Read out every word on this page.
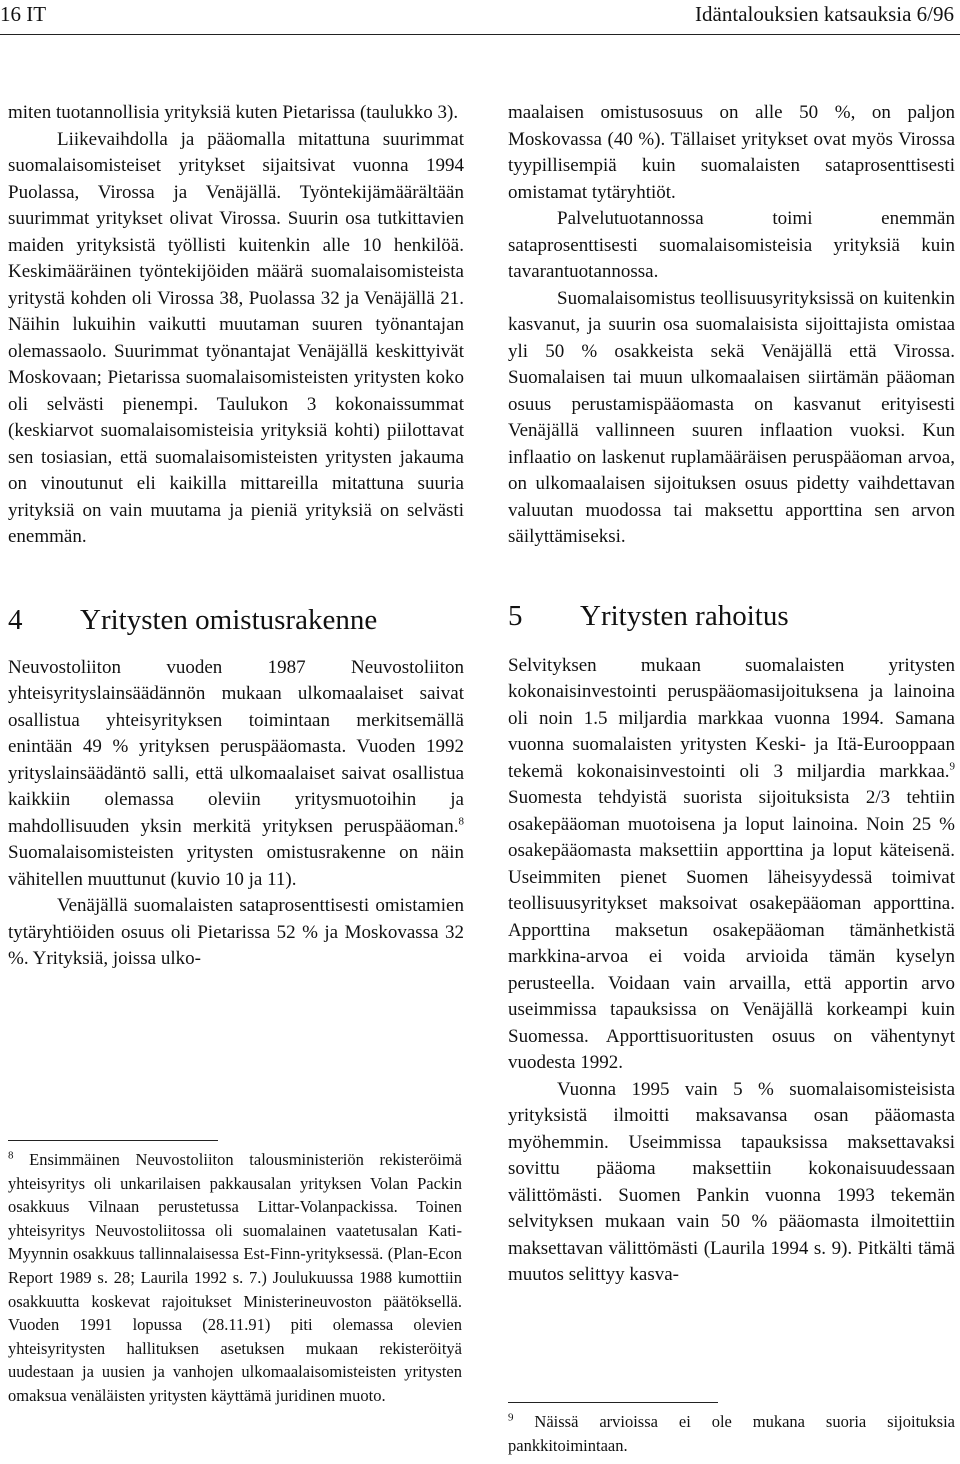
16 IT	Idäntalouksien katsauksia 6/96

miten tuotannollisia yrityksiä kuten Pietarissa (taulukko 3).

Liikevaihdolla ja pääomalla mitattuna suurimmat suomalaisomisteiset yritykset sijaitsivat vuonna 1994 Puolassa, Virossa ja Venäjällä. Työntekijämäärältään suurimmat yritykset olivat Virossa. Suurin osa tutkittavien maiden yrityksistä työllisti kuitenkin alle 10 henkilöä. Keskimääräinen työntekijöiden määrä suomalaisomisteista yritystä kohden oli Virossa 38, Puolassa 32 ja Venäjällä 21. Näihin lukuihin vaikutti muutaman suuren työnantajan olemassaolo. Suurimmat työnantajat Venäjällä keskittyivät Moskovaan; Pietarissa suomalaisomisteisten yritysten koko oli selvästi pienempi. Taulukon 3 kokonaissummat (keskiarvot suomalaisomisteisia yrityksiä kohti) piilottavat sen tosiasian, että suomalaisomisteisten yritysten jakauma on vinoutunut eli kaikilla mittareilla mitattuna suuria yrityksiä on vain muutama ja pieniä yrityksiä on selvästi enemmän.

4 Yritysten omistusrakenne

Neuvostoliiton vuoden 1987 Neuvostoliiton yhteisyrityslainsäädännön mukaan ulkomaalaiset saivat osallistua yhteisyrityksen toimintaan merkitsemällä enintään 49 % yrityksen peruspääomasta. Vuoden 1992 yrityslainsäädäntö salli, että ulkomaalaiset saivat osallistua kaikkiin olemassa oleviin yritysmuotoihin ja mahdollisuuden yksin merkitä yrityksen peruspääoman.$^8$ Suomalaisomisteisten yritysten omistusrakenne on näin vähitellen muuttunut (kuvio 10 ja 11).

Venäjällä suomalaisten sataprosenttisesti omistamien tytäryhtiöiden osuus oli Pietarissa 52 % ja Moskovassa 32 %. Yrityksiä, joissa ulko-

$^8$ Ensimmäinen Neuvostoliiton talousministeriön rekisteröimä yhteisyritys oli unkarilaisen pakkausalan yrityksen Volan Packin osakkuus Vilnaan perustetussa Littar-Volanpackissa. Toinen yhteisyritys Neuvostoliitossa oli suomalainen vaatetusalan Kati-Myynnin osakkuus tallinnalaisessa Est-Finn-yrityksessä. (Plan-Econ Report 1989 s. 28; Laurila 1992 s. 7.) Joulukuussa 1988 kumottiin osakkuutta koskevat rajoitukset Ministerineuvoston päätöksellä. Vuoden 1991 lopussa (28.11.91) piti olemassa olevien yhteisyritysten hallituksen asetuksen mukaan rekisteröityä uudestaan ja uusien ja vanhojen ulkomaalaisomisteisten yritysten omaksua venäläisten yritysten käyttämä juridinen muoto.

maalaisen omistusosuus on alle 50 %, on paljon Moskovassa (40 %). Tällaiset yritykset ovat myös Virossa tyypillisempiä kuin suomalaisten sataprosenttisesti omistamat tytäryhtiöt.

Palvelutuotannossa toimi enemmän sataprosenttisesti suomalaisomisteisia yrityksiä kuin tavarantuotannossa.

Suomalaisomistus teollisuusyrityksissä on kuitenkin kasvanut, ja suurin osa suomalaisista sijoittajista omistaa yli 50 % osakkeista sekä Venäjällä että Virossa. Suomalaisen tai muun ulkomaalaisen siirtämän pääoman osuus perustamispääomasta on kasvanut erityisesti Venäjällä vallinneen suuren inflaation vuoksi. Kun inflaatio on laskenut ruplamääräisen peruspääoman arvoa, on ulkomaalaisen sijoituksen osuus pidetty vaihdettavan valuutan muodossa tai maksettu apporttina sen arvon säilyttämiseksi.

5 Yritysten rahoitus

Selvityksen mukaan suomalaisten yritysten kokonaisinvestointi peruspääomasijoituksena ja lainoina oli noin 1.5 miljardia markkaa vuonna 1994. Samana vuonna suomalaisten yritysten Keski- ja Itä-Eurooppaan tekemä kokonaisinvestointi oli 3 miljardia markkaa.$^9$ Suomesta tehdyistä suorista sijoituksista 2/3 tehtiin osakepääoman muotoisena ja loput lainoina. Noin 25 % osakepääomasta maksettiin apporttina ja loput käteisenä. Useimmiten pienet Suomen läheisyydessä toimivat teollisuusyritykset maksoivat osakepääoman apporttina. Apporttina maksetun osakepääoman tämänhetkistä markkina-arvoa ei voida arvioida tämän kyselyn perusteella. Voidaan vain arvailla, että apportin arvo useimmissa tapauksissa on Venäjällä korkeampi kuin Suomessa. Apporttisuoritusten osuus on vähentynyt vuodesta 1992.

Vuonna 1995 vain 5 % suomalaisomisteisista yrityksistä ilmoitti maksavansa osan pääomasta myöhemmin. Useimmissa tapauksissa maksettavaksi sovittu pääoma maksettiin kokonaisuudessaan välittömästi. Suomen Pankin vuonna 1993 tekemän selvityksen mukaan vain 50 % pääomasta ilmoitettiin maksettavan välittömästi (Laurila 1994 s. 9). Pitkälti tämä muutos selittyy kasva-

$^9$ Näissä arvioissa ei ole mukana suoria sijoituksia pankkitoimintaan.
